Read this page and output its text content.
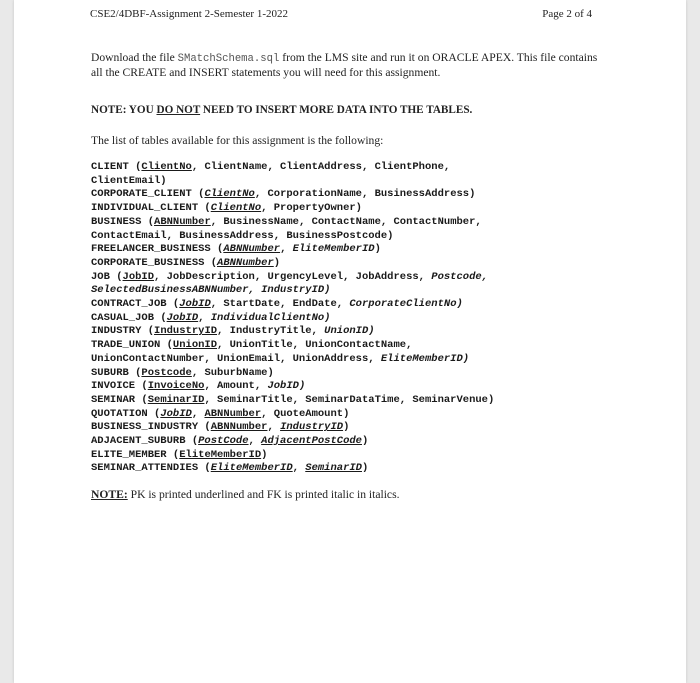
CSE2/4DBF-Assignment 2-Semester 1-2022	Page 2 of 4
Download the file SMatchSchema.sql from the LMS site and run it on ORACLE APEX. This file contains all the CREATE and INSERT statements you will need for this assignment.
NOTE: YOU DO NOT NEED TO INSERT MORE DATA INTO THE TABLES.
The list of tables available for this assignment is the following:
CLIENT (ClientNo, ClientName, ClientAddress, ClientPhone,
ClientEmail)
CORPORATE_CLIENT (ClientNo, CorporationName, BusinessAddress)
INDIVIDUAL_CLIENT (ClientNo, PropertyOwner)
BUSINESS (ABNNumber, BusinessName, ContactName, ContactNumber,
ContactEmail, BusinessAddress, BusinessPostcode)
FREELANCER_BUSINESS (ABNNumber, EliteMemberID)
CORPORATE_BUSINESS (ABNNumber)
JOB (JobID, JobDescription, UrgencyLevel, JobAddress, Postcode,
SelectedBusinessABNNumber, IndustryID)
CONTRACT_JOB (JobID, StartDate, EndDate, CorporateClientNo)
CASUAL_JOB (JobID, IndividualClientNo)
INDUSTRY (IndustryID, IndustryTitle, UnionID)
TRADE_UNION (UnionID, UnionTitle, UnionContactName,
UnionContactNumber, UnionEmail, UnionAddress, EliteMemberID)
SUBURB (Postcode, SuburbName)
INVOICE (InvoiceNo, Amount, JobID)
SEMINAR (SeminarID, SeminarTitle, SeminarDataTime, SeminarVenue)
QUOTATION (JobID, ABNNumber, QuoteAmount)
BUSINESS_INDUSTRY (ABNNumber, IndustryID)
ADJACENT_SUBURB (PostCode, AdjacentPostCode)
ELITE_MEMBER (EliteMemberID)
SEMINAR_ATTENDIES (EliteMemberID, SeminarID)
NOTE: PK is printed underlined and FK is printed italic in italics.
